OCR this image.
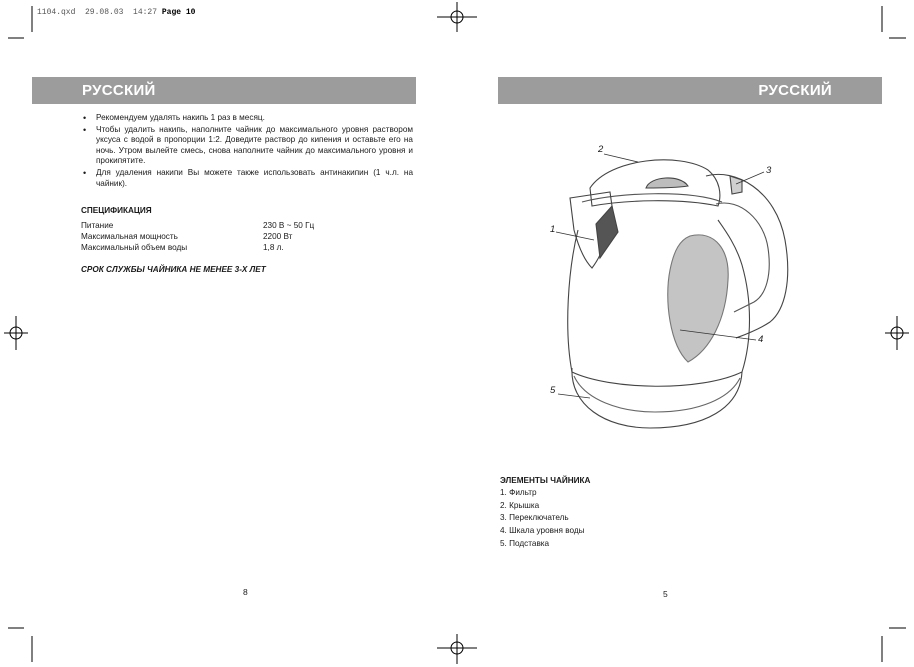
1104.qxd  29.08.03  14:27 Page 10
РУССКИЙ	РУССКИЙ
• Рекомендуем удалять накипь 1 раз в месяц.
• Чтобы удалить накипь, наполните чайник до максимального уровня раствором уксуса с водой в пропорции 1:2. Доведите раствор до кипения и оставьте его на ночь. Утром вылейте смесь, снова наполните чайник до максимального уровня и прокипятите.
• Для удаления накипи Вы можете также использовать антинакипин (1 ч.л. на чайник).
СПЕЦИФИКАЦИЯ
Питание	230 В ~ 50 Гц
Максимальная мощность	2200 Вт
Максимальный объем воды	1,8 л.
СРОК СЛУЖБЫ ЧАЙНИКА НЕ МЕНЕЕ 3-Х ЛЕТ
8
1
2
3
4
5
ЭЛЕМЕНТЫ ЧАЙНИКА
1. Фильтр
2. Крышка
3. Переключатель
4. Шкала уровня воды
5. Подставка
5
